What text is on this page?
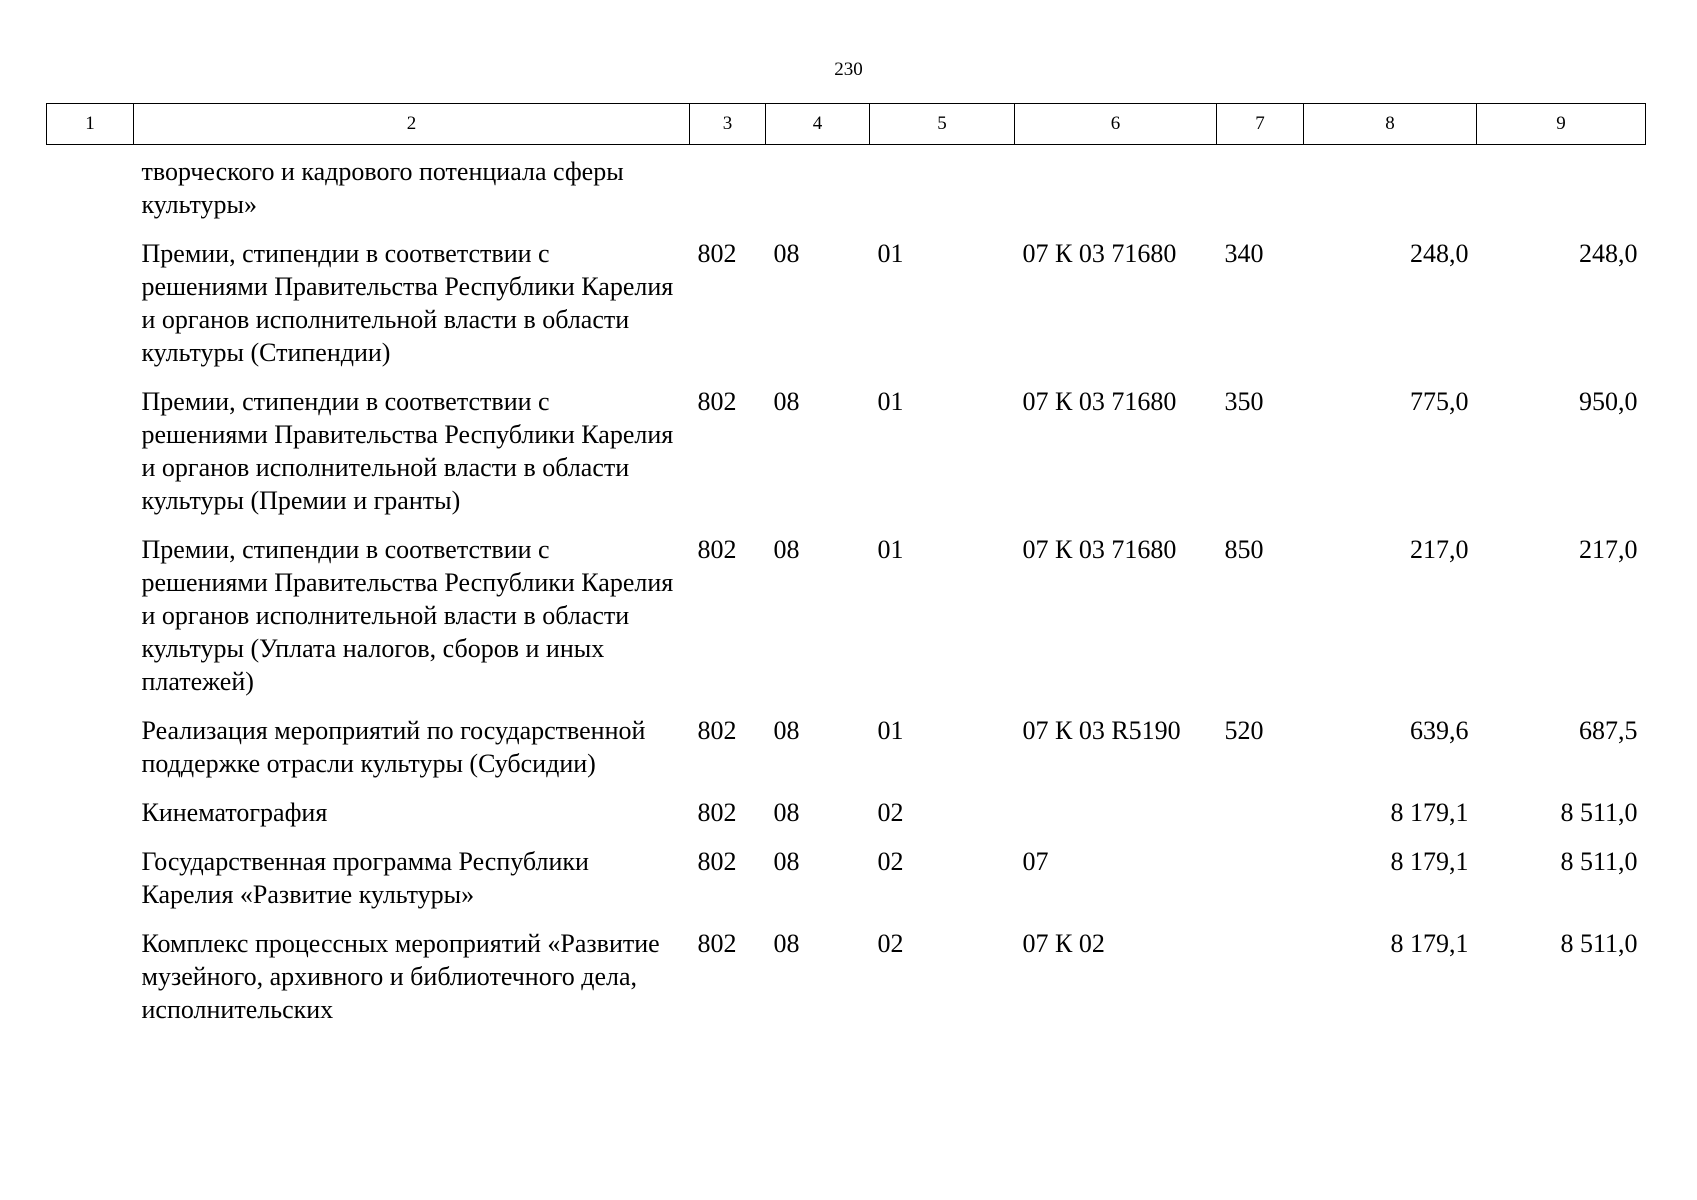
230
1	2	3	4	5	6	7	8	9
	творческого и кадрового потенциала сферы культуры»							
	Премии, стипендии в соответствии с решениями Правительства Республики Карелия и органов исполнительной власти в области культуры (Стипендии)	802	08	01	07 К 03 71680	340	248,0	248,0
	Премии, стипендии в соответствии с решениями Правительства Республики Карелия и органов исполнительной власти в области культуры (Премии и гранты)	802	08	01	07 К 03 71680	350	775,0	950,0
	Премии, стипендии в соответствии с решениями Правительства Республики Карелия и органов исполнительной власти в области культуры (Уплата налогов, сборов и иных платежей)	802	08	01	07 К 03 71680	850	217,0	217,0
	Реализация мероприятий по государственной поддержке отрасли культуры (Субсидии)	802	08	01	07 К 03 R5190	520	639,6	687,5
	Кинематография	802	08	02			8 179,1	8 511,0
	Государственная программа Республики Карелия «Развитие культуры»	802	08	02	07		8 179,1	8 511,0
	Комплекс процессных мероприятий «Развитие музейного, архивного и библиотечного дела, исполнительских	802	08	02	07 К 02		8 179,1	8 511,0
